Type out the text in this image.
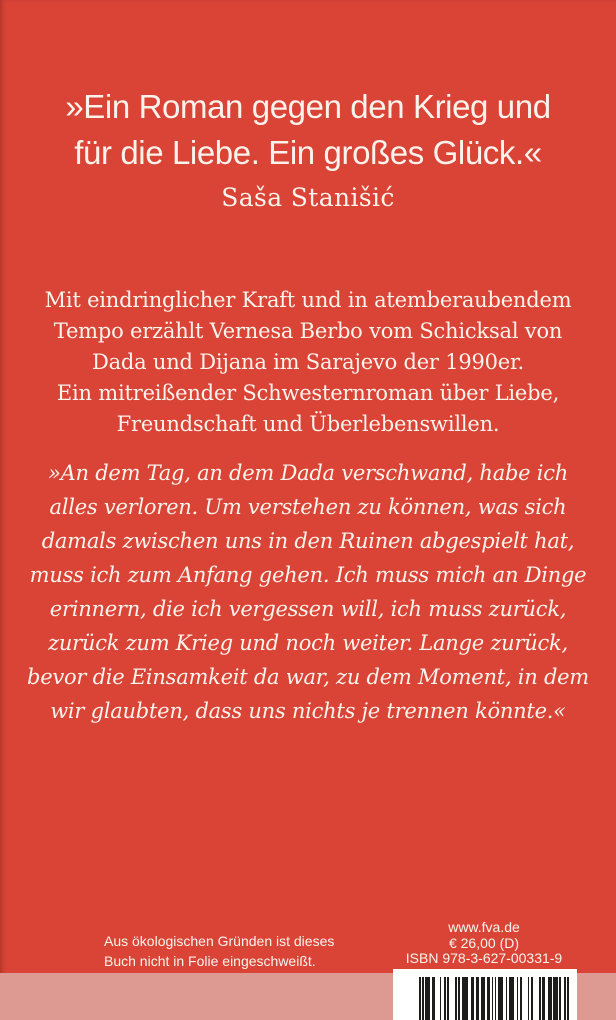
»Ein Roman gegen den Krieg und
für die Liebe. Ein großes Glück.«
Saša Stanišić
Mit eindringlicher Kraft und in atemberaubendem
Tempo erzählt Vernesa Berbo vom Schicksal von
Dada und Dijana im Sarajevo der 1990er.
Ein mitreißender Schwesternroman über Liebe,
Freundschaft und Überlebenswillen.
»An dem Tag, an dem Dada verschwand, habe ich
alles verloren. Um verstehen zu können, was sich
damals zwischen uns in den Ruinen abgespielt hat,
muss ich zum Anfang gehen. Ich muss mich an Dinge
erinnern, die ich vergessen will, ich muss zurück,
zurück zum Krieg und noch weiter. Lange zurück,
bevor die Einsamkeit da war, zu dem Moment, in dem
wir glaubten, dass uns nichts je trennen könnte.«
Aus ökologischen Gründen ist dieses
Buch nicht in Folie eingeschweißt.
www.fva.de
€ 26,00 (D)
ISBN 978-3-627-00331-9
